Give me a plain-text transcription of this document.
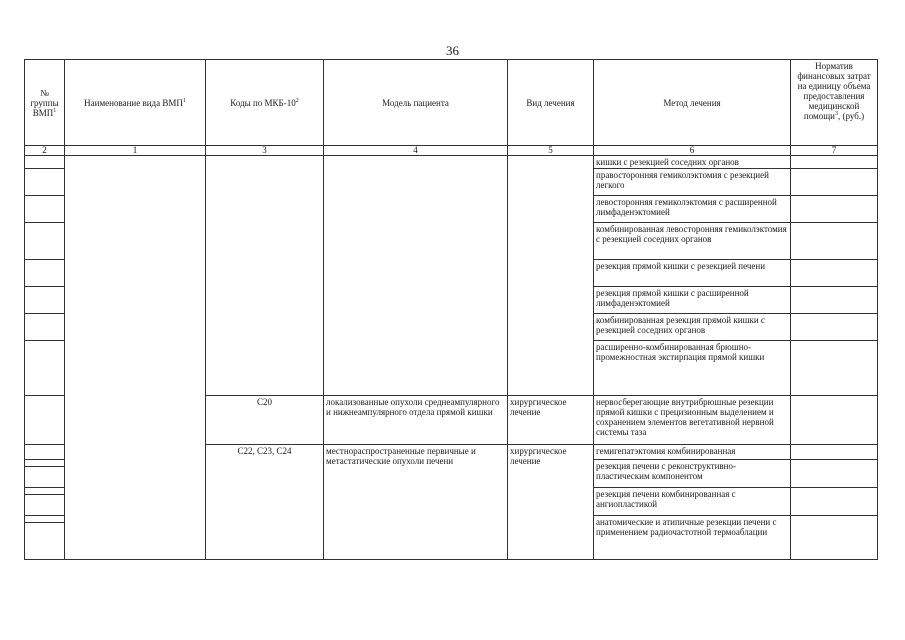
36
№ группы ВМП$^1$	Наименование вида ВМП$^1$	Коды по МКБ-$10^2$	Модель пациента	Вид лечения	Метод лечения	Норматив финансовых затрат на единицу объема предоставления медицинской помощи$^3$, (руб.)
2	1	3	4	5	6	7
					кишки с резекцией соседних органов	
					правосторонняя гемиколэктомия с резекцией легкого	
					левосторонняя гемиколэктомия с расширенной лимфаденэктомией	
					комбинированная левосторонняя гемиколэктомия с резекцией соседних органов	
					резекция прямой кишки с резекцией печени	
					резекция прямой кишки с расширенной лимфаденэктомией	
					комбинированная резекция прямой кишки с резекцией соседних органов	
					расширенно-комбинированная брюшно-промежностная экстирпация прямой кишки	
		C20	локализованные опухоли среднеампулярного и нижнеампулярного отдела прямой кишки	хирургическое лечение	нервосберегающие внутрибрюшные резекции прямой кишки с прецизионным выделением и сохранением элементов вегетативной нервной системы таза	
		C22, C23, C24	местнораспространенные первичные и метастатические опухоли печени	хирургическое лечение	гемигепатэктомия комбинированная	
					резекция печени с реконструктивно-пластическим компонентом	

					резекция печени комбинированная с ангиопластикой	

					анатомические и атипичные резекции печени с применением радиочастотной термоаблации	
